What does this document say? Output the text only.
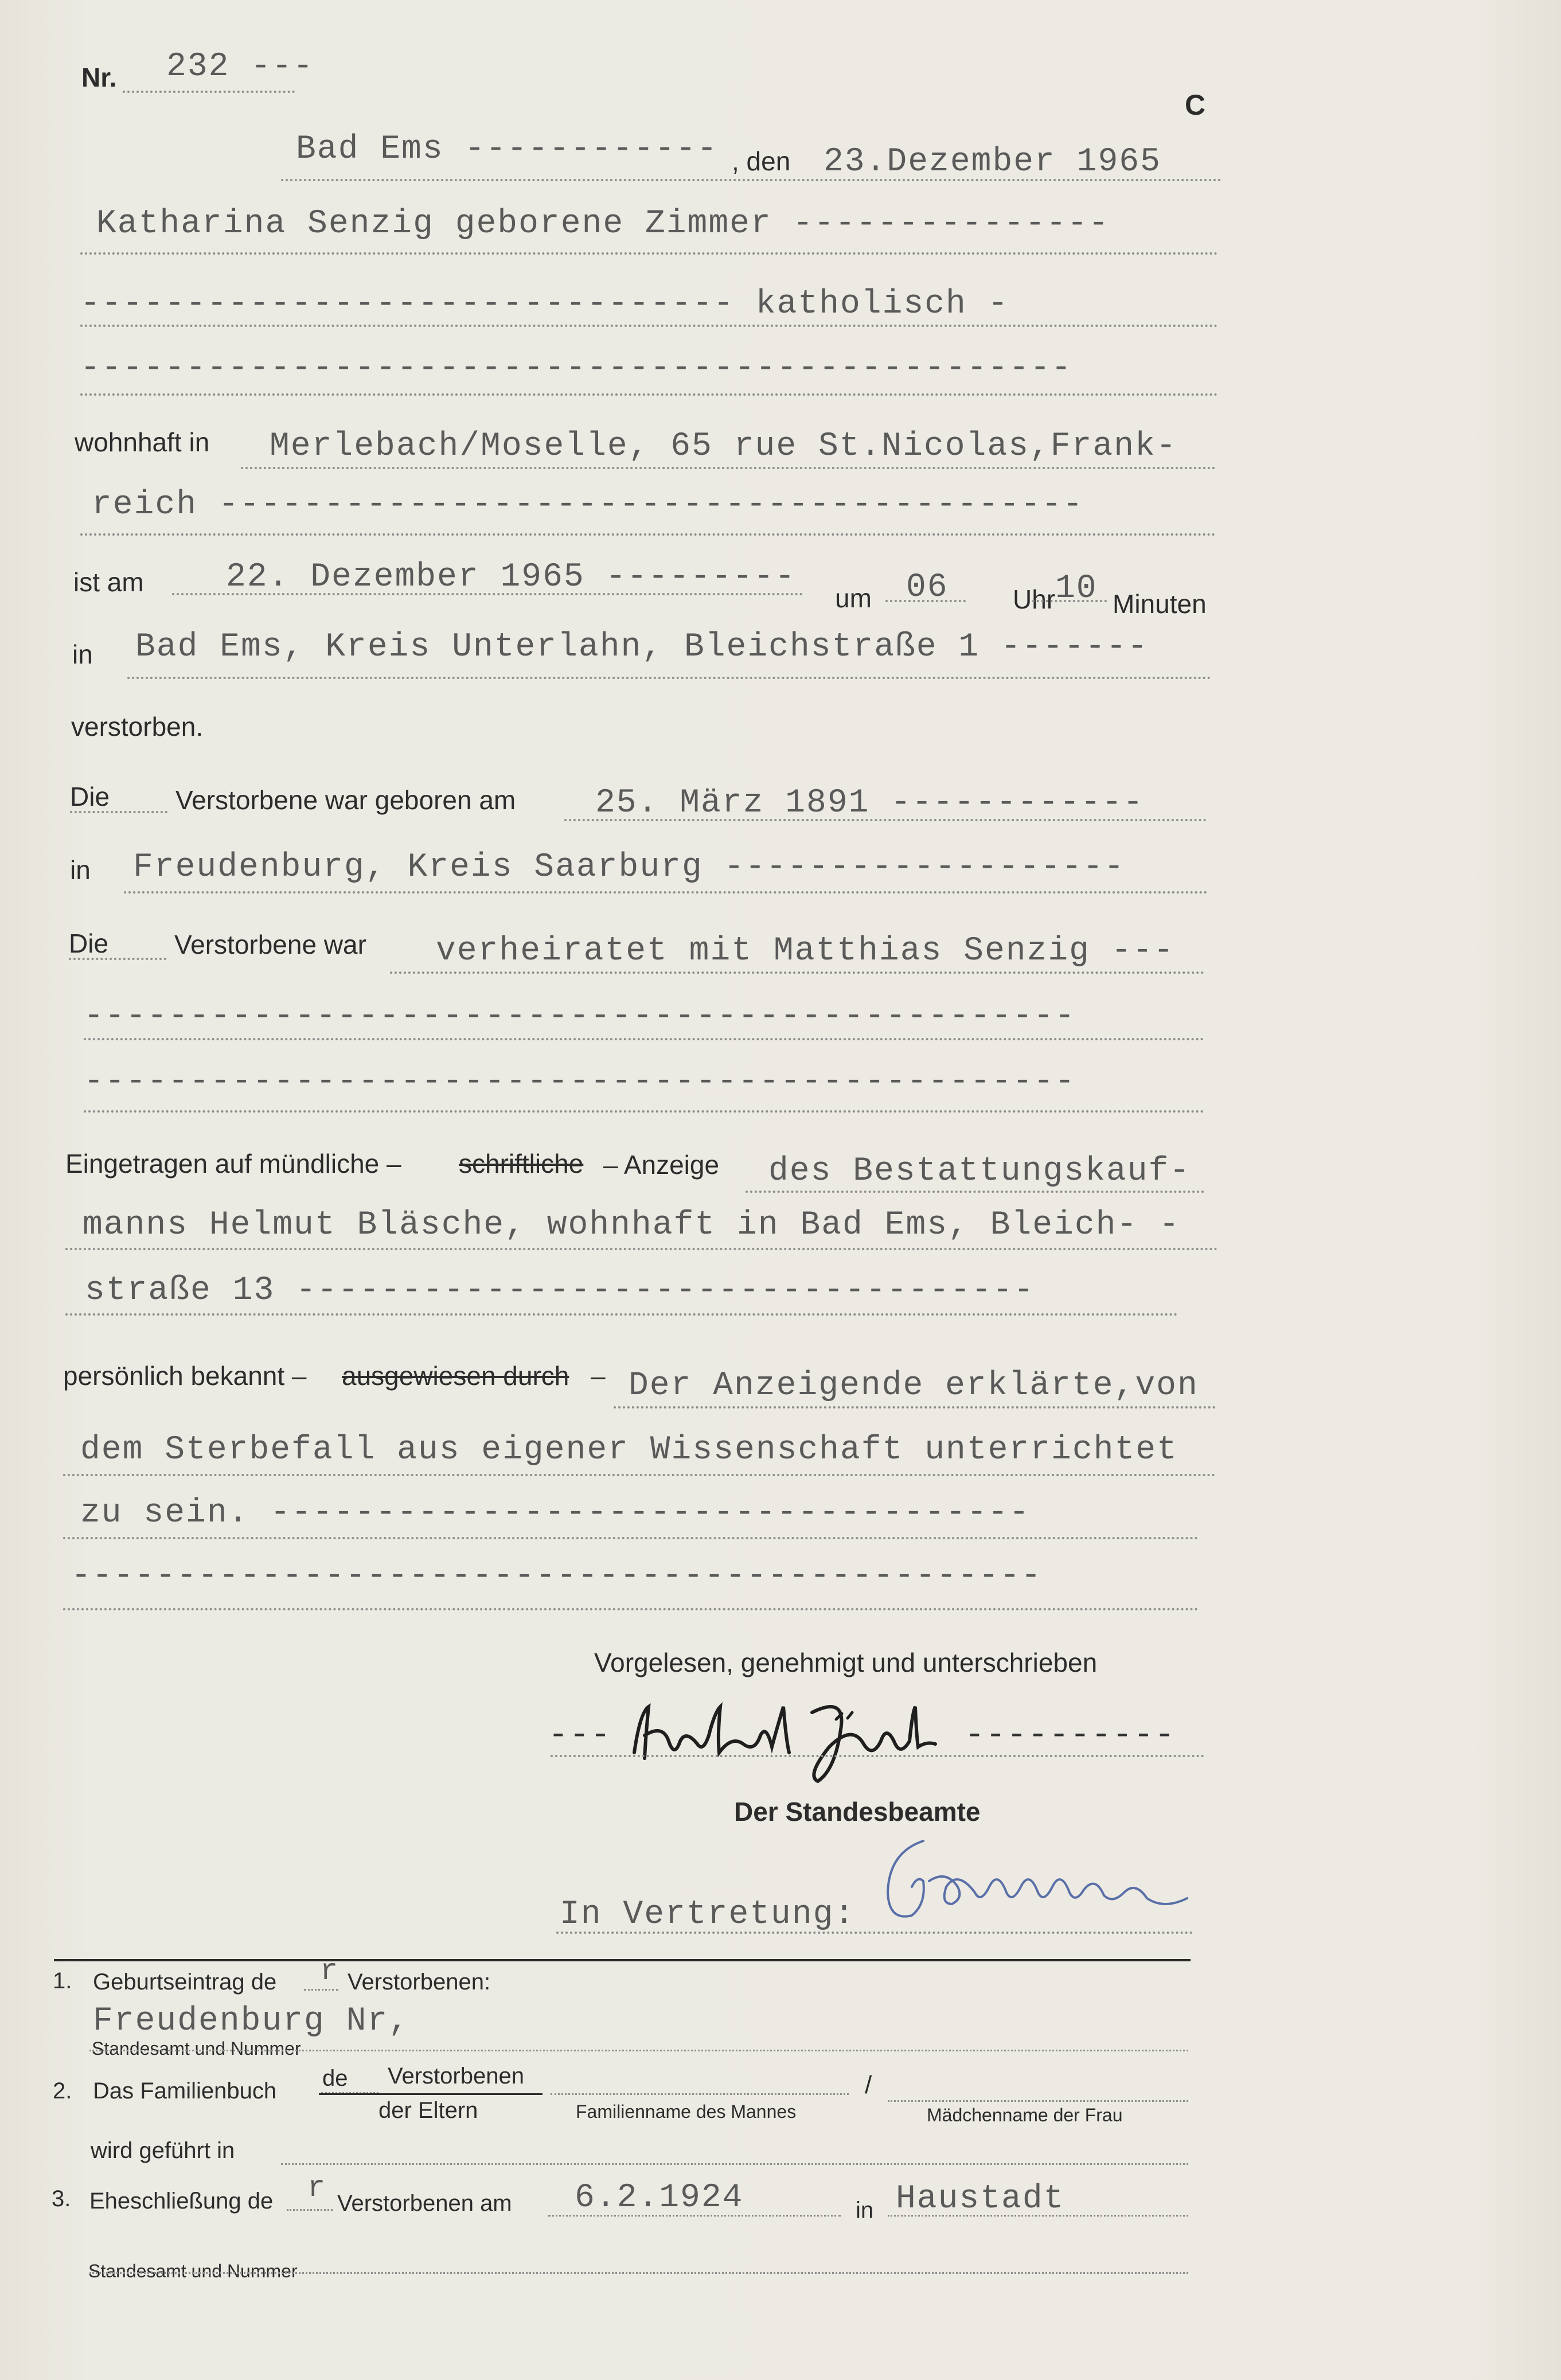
Nr. 232 ---
C
Bad Ems ------------ , den 23.Dezember 1965
Katharina Senzig geborene Zimmer ---------------
------------------------------- katholisch -
-----------------------------------------------
wohnhaft in Merlebach/Moselle, 65 rue St.Nicolas,Frank-
reich -----------------------------------------
ist am 22. Dezember 1965 ---------
um 06 Uhr 10 Minuten
in Bad Ems, Kreis Unterlahn, Bleichstraße 1 -------
verstorben.
Die Verstorbene war geboren am 25. März 1891 ------------
in Freudenburg, Kreis Saarburg -------------------
Die Verstorbene war verheiratet mit Matthias Senzig ---
-----------------------------------------------
-----------------------------------------------
Eingetragen auf mündliche – schriftliche – Anzeige des Bestattungskauf-
manns Helmut Bläsche, wohnhaft in Bad Ems, Bleich- -
straße 13 -----------------------------------
persönlich bekannt – ausgewiesen durch – Der Anzeigende erklärte,von
dem Sterbefall aus eigener Wissenschaft unterrichtet
zu sein. ------------------------------------
----------------------------------------------
Vorgelesen, genehmigt und unterschrieben
---	----------
Der Standesbeamte
In Vertretung:
1. Geburtseintrag de r Verstorbenen:
Freudenburg Nr,
Standesamt und Nummer
2. Das Familienbuch de Verstorbenen
der Eltern
/
Familienname des Mannes	Mädchenname der Frau
wird geführt in
3. Eheschließung de r Verstorbenen am 6.2.1924	in Haustadt
Standesamt und Nummer
